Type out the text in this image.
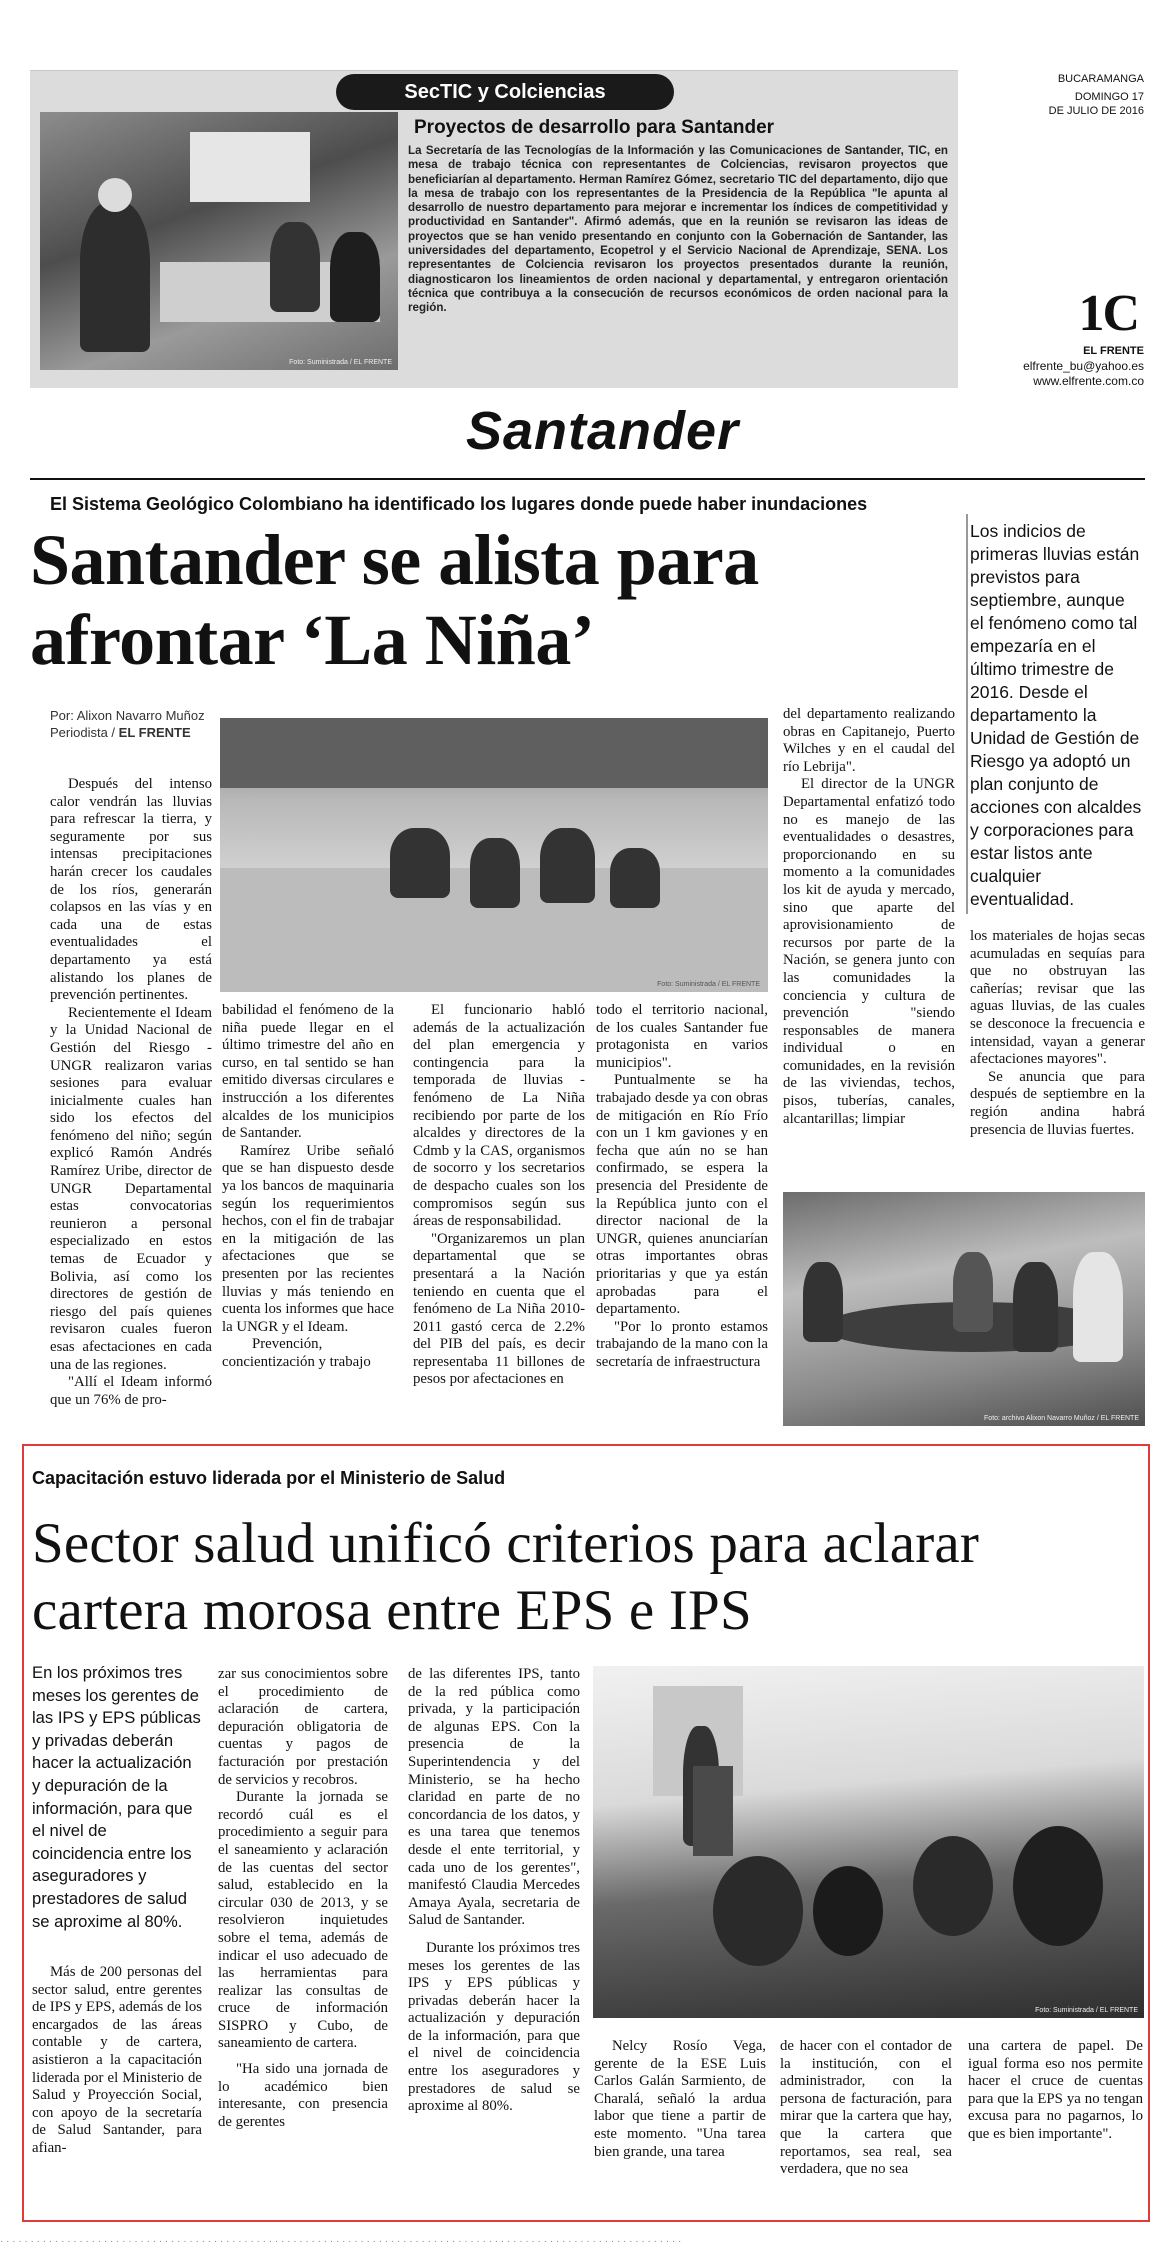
Foto: Suministrada / EL FRENTE
SecTIC y Colciencias
Proyectos de desarrollo para Santander
La Secretaría de las Tecnologías de la Información y las Comunicaciones de Santander, TIC, en mesa de trabajo técnica con representantes de Colciencias, revisaron proyectos que beneficiarían al departamento. Herman Ramírez Gómez, secretario TIC del departamento, dijo que la mesa de trabajo con los representantes de la Presidencia de la República "le apunta al desarrollo de nuestro departamento para mejorar e incrementar los índices de competitividad y productividad en Santander". Afirmó además, que en la reunión se revisaron las ideas de proyectos que se han venido presentando en conjunto con la Gobernación de Santander, las universidades del departamento, Ecopetrol y el Servicio Nacional de Aprendizaje, SENA. Los representantes de Colciencia revisaron los proyectos presentados durante la reunión, diagnosticaron los lineamientos de orden nacional y departamental, y entregaron orientación técnica que contribuya a la consecución de recursos económicos de orden nacional para la región.
BUCARAMANGA
DOMINGO 17
DE JULIO DE 2016
1C
EL FRENTE
elfrente_bu@yahoo.es
www.elfrente.com.co
Santander
El Sistema Geológico Colombiano ha identificado los lugares donde puede haber inundaciones
Santander se alista para afrontar ‘La Niña’
Los indicios de primeras lluvias están previstos para septiembre, aunque el fenómeno como tal empezaría en el último trimestre de 2016. Desde el departamento la Unidad de Gestión de Riesgo ya adoptó un plan conjunto de acciones con alcaldes y corporaciones para estar listos ante cualquier eventualidad.
Por: Alixon Navarro Muñoz
Periodista / EL FRENTE
Foto: Suministrada / EL FRENTE

Después del intenso calor vendrán las lluvias para refrescar la tierra, y seguramente por sus intensas precipitaciones harán crecer los caudales de los ríos, generarán colapsos en las vías y en cada una de estas eventualidades el departamento ya está alistando los planes de prevención pertinentes.

Recientemente el Ideam y la Unidad Nacional de Gestión del Riesgo - UNGR realizaron varias sesiones para evaluar inicialmente cuales han sido los efectos del fenómeno del niño; según explicó Ramón Andrés Ramírez Uribe, director de UNGR Departamental estas convocatorias reunieron a personal especializado en estos temas de Ecuador y Bolivia, así como los directores de gestión de riesgo del país quienes revisaron cuales fueron esas afectaciones en cada una de las regiones.

"Allí el Ideam informó que un 76% de pro-

babilidad el fenómeno de la niña puede llegar en el último trimestre del año en curso, en tal sentido se han emitido diversas circulares e instrucción a los diferentes alcaldes de los municipios de Santander.

Ramírez Uribe señaló que se han dispuesto desde ya los bancos de maquinaria según los requerimientos hechos, con el fin de trabajar en la mitigación de las afectaciones que se presenten por las recientes lluvias y más teniendo en cuenta los informes que hace la UNGR y el Ideam.

Prevención, concientización y trabajo

El funcionario habló además de la actualización del plan emergencia y contingencia para la temporada de lluvias - fenómeno de La Niña recibiendo por parte de los alcaldes y directores de la Cdmb y la CAS, organismos de socorro y los secretarios de despacho cuales son los compromisos según sus áreas de responsabilidad.

"Organizaremos un plan departamental que se presentará a la Nación teniendo en cuenta que el fenómeno de La Niña 2010-2011 gastó cerca de 2.2% del PIB del país, es decir representaba 11 billones de pesos por afectaciones en

todo el territorio nacional, de los cuales Santander fue protagonista en varios municipios".

Puntualmente se ha trabajado desde ya con obras de mitigación en Río Frío con un 1 km gaviones y en fecha que aún no se han confirmado, se espera la presencia del Presidente de la República junto con el director nacional de la UNGR, quienes anunciarían otras importantes obras prioritarias y que ya están aprobadas para el departamento.

"Por lo pronto estamos trabajando de la mano con la secretaría de infraestructura

del departamento realizando obras en Capitanejo, Puerto Wilches y en el caudal del río Lebrija".

El director de la UNGR Departamental enfatizó todo no es manejo de las eventualidades o desastres, proporcionando en su momento a la comunidades los kit de ayuda y mercado, sino que aparte del aprovisionamiento de recursos por parte de la Nación, se genera junto con las comunidades la conciencia y cultura de prevención "siendo responsables de manera individual o en comunidades, en la revisión de las viviendas, techos, pisos, tuberías, canales, alcantarillas; limpiar

los materiales de hojas secas acumuladas en sequías para que no obstruyan las cañerías; revisar que las aguas lluvias, de las cuales se desconoce la frecuencia e intensidad, vayan a generar afectaciones mayores".

Se anuncia que para después de septiembre en la región andina habrá presencia de lluvias fuertes.

Foto: archivo Alixon Navarro Muñoz / EL FRENTE
Capacitación estuvo liderada por el Ministerio de Salud
Sector salud unificó criterios para aclarar cartera morosa entre EPS e IPS
En los próximos tres meses los gerentes de las IPS y EPS públicas y privadas deberán hacer la actualización y depuración de la información, para que el nivel de coincidencia entre los aseguradores y prestadores de salud se aproxime al 80%.
Foto: Suministrada / EL FRENTE

Más de 200 personas del sector salud, entre gerentes de IPS y EPS, además de los encargados de las áreas contable y de cartera, asistieron a la capacitación liderada por el Ministerio de Salud y Proyección Social, con apoyo de la secretaría de Salud Santander, para afian-

zar sus conocimientos sobre el procedimiento de aclaración de cartera, depuración obligatoria de cuentas y pagos de facturación por prestación de servicios y recobros.

Durante la jornada se recordó cuál es el procedimiento a seguir para el saneamiento y aclaración de las cuentas del sector salud, establecido en la circular 030 de 2013, y se resolvieron inquietudes sobre el tema, además de indicar el uso adecuado de las herramientas para realizar las consultas de cruce de información SISPRO y Cubo, de saneamiento de cartera.

"Ha sido una jornada de lo académico bien interesante, con presencia de gerentes

de las diferentes IPS, tanto de la red pública como privada, y la participación de algunas EPS. Con la presencia de la Superintendencia y del Ministerio, se ha hecho claridad en parte de no concordancia de los datos, y es una tarea que tenemos desde el ente territorial, y cada uno de los gerentes", manifestó Claudia Mercedes Amaya Ayala, secretaria de Salud de Santander.

Durante los próximos tres meses los gerentes de las IPS y EPS públicas y privadas deberán hacer la actualización y depuración de la información, para que el nivel de coincidencia entre los aseguradores y prestadores de salud se aproxime al 80%.

Nelcy Rosío Vega, gerente de la ESE Luis Carlos Galán Sarmiento, de Charalá, señaló la ardua labor que tiene a partir de este momento. "Una tarea bien grande, una tarea

de hacer con el contador de la institución, con el administrador, con la persona de facturación, para mirar que la cartera que hay, que la cartera que reportamos, sea real, sea verdadera, que no sea

una cartera de papel. De igual forma eso nos permite hacer el cruce de cuentas para que la EPS ya no tengan excusa para no pagarnos, lo que es bien importante".

· · · · · · · · · · · · · · · · · · · · · · · · · · · · · · · · · · · · · · · · · · · · · · · · · · · · · · · · · · · · · · · · · · · · · · · · · · · · · · · · · · · · · · · · · · · · · · · · · · · · · · · · · · · · · · · ·
